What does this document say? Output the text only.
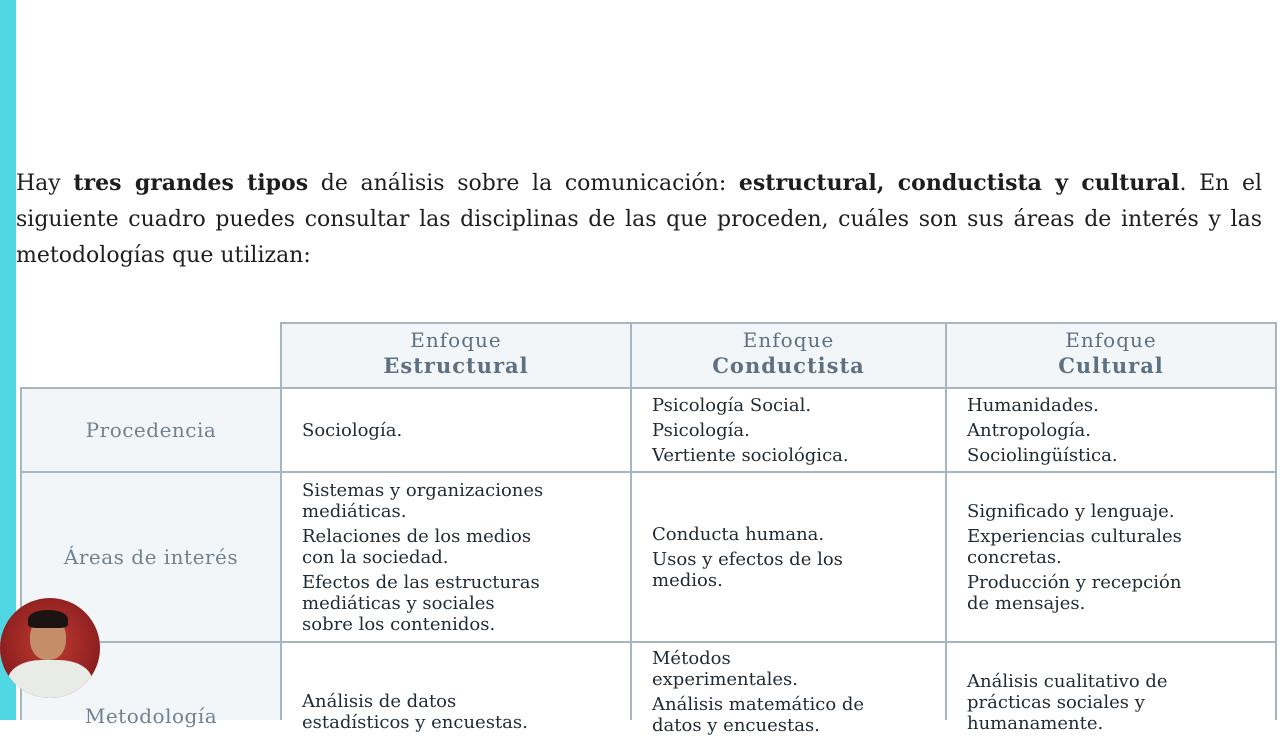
Hay tres grandes tipos de análisis sobre la comunicación: estructural, conductista y cultural. En el siguiente cuadro puedes consultar las disciplinas de las que proceden, cuáles son sus áreas de interés y las metodologías que utilizan:

Enfoque
Estructural
Enfoque
Conductista
Enfoque
Cultural
Procedencia	Sociología.
Psicología Social.
Psicología.
Vertiente sociológica.
Humanidades.
Antropología.
Sociolingüística.
Áreas de interés
Sistemas y organizaciones
mediáticas.
Relaciones de los medios
con la sociedad.
Efectos de las estructuras
mediáticas y sociales
sobre los contenidos.
Conducta humana.
Usos y efectos de los
medios.
Significado y lenguaje.
Experiencias culturales
concretas.
Producción y recepción
de mensajes.
Metodología
Análisis de datos
estadísticos y encuestas.
Métodos
experimentales.
Análisis matemático de
datos y encuestas.
Análisis cualitativo de
prácticas sociales y
humanamente.
